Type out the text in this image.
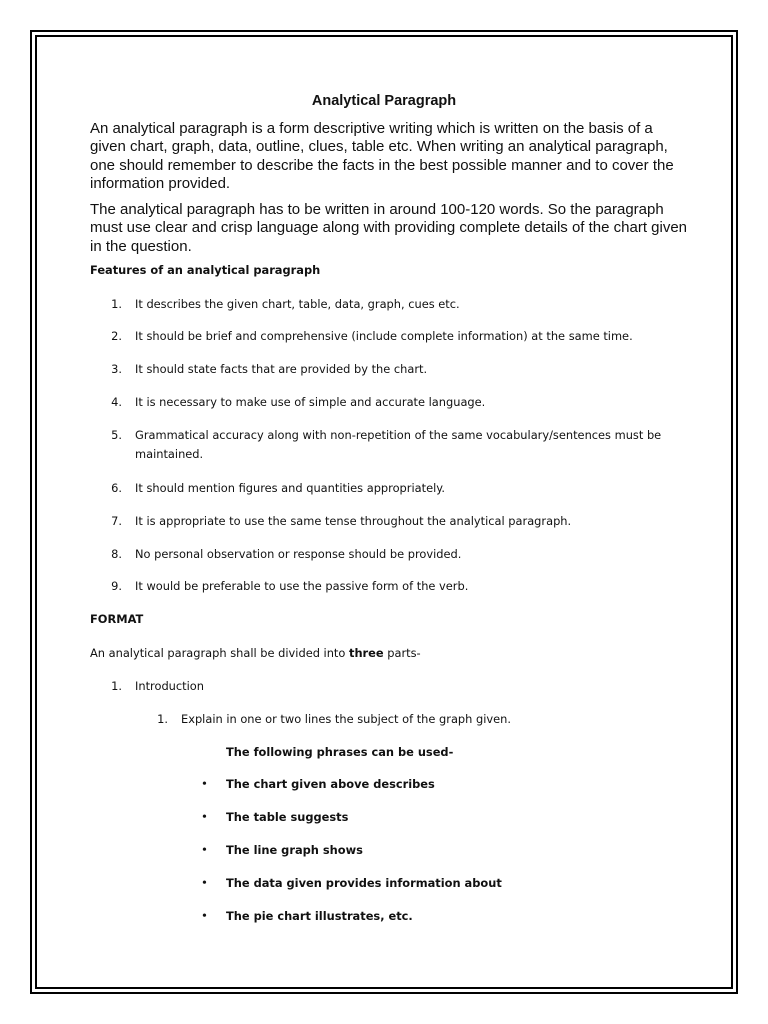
Analytical Paragraph

An analytical paragraph is a form descriptive writing which is written on the basis of a given chart, graph, data, outline, clues, table etc. When writing an analytical paragraph, one should remember to describe the facts in the best possible manner and to cover the information provided.

The analytical paragraph has to be written in around 100-120 words. So the paragraph must use clear and crisp language along with providing complete details of the chart given in the question.

Features of an analytical paragraph
1. It describes the given chart, table, data, graph, cues etc.
2. It should be brief and comprehensive (include complete information) at the same time.
3. It should state facts that are provided by the chart.
4. It is necessary to make use of simple and accurate language.
5. Grammatical accuracy along with non-repetition of the same vocabulary/sentences must be
maintained.
6. It should mention figures and quantities appropriately.
7. It is appropriate to use the same tense throughout the analytical paragraph.
8. No personal observation or response should be provided.
9. It would be preferable to use the passive form of the verb.
FORMAT
An analytical paragraph shall be divided into three parts-
1. Introduction
1. Explain in one or two lines the subject of the graph given.
The following phrases can be used-
• The chart given above describes
• The table suggests
• The line graph shows
• The data given provides information about
• The pie chart illustrates, etc.
